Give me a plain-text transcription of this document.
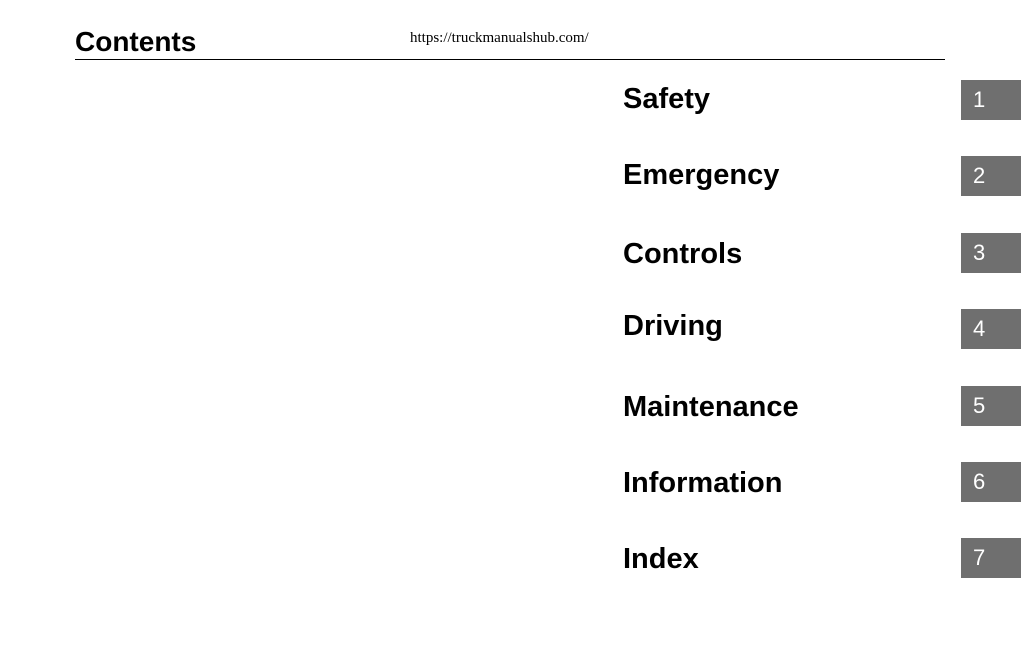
Contents	https://truckmanualshub.com/
Safety	1
Emergency	2
Controls	3
Driving	4
Maintenance	5
Information	6
Index	7
